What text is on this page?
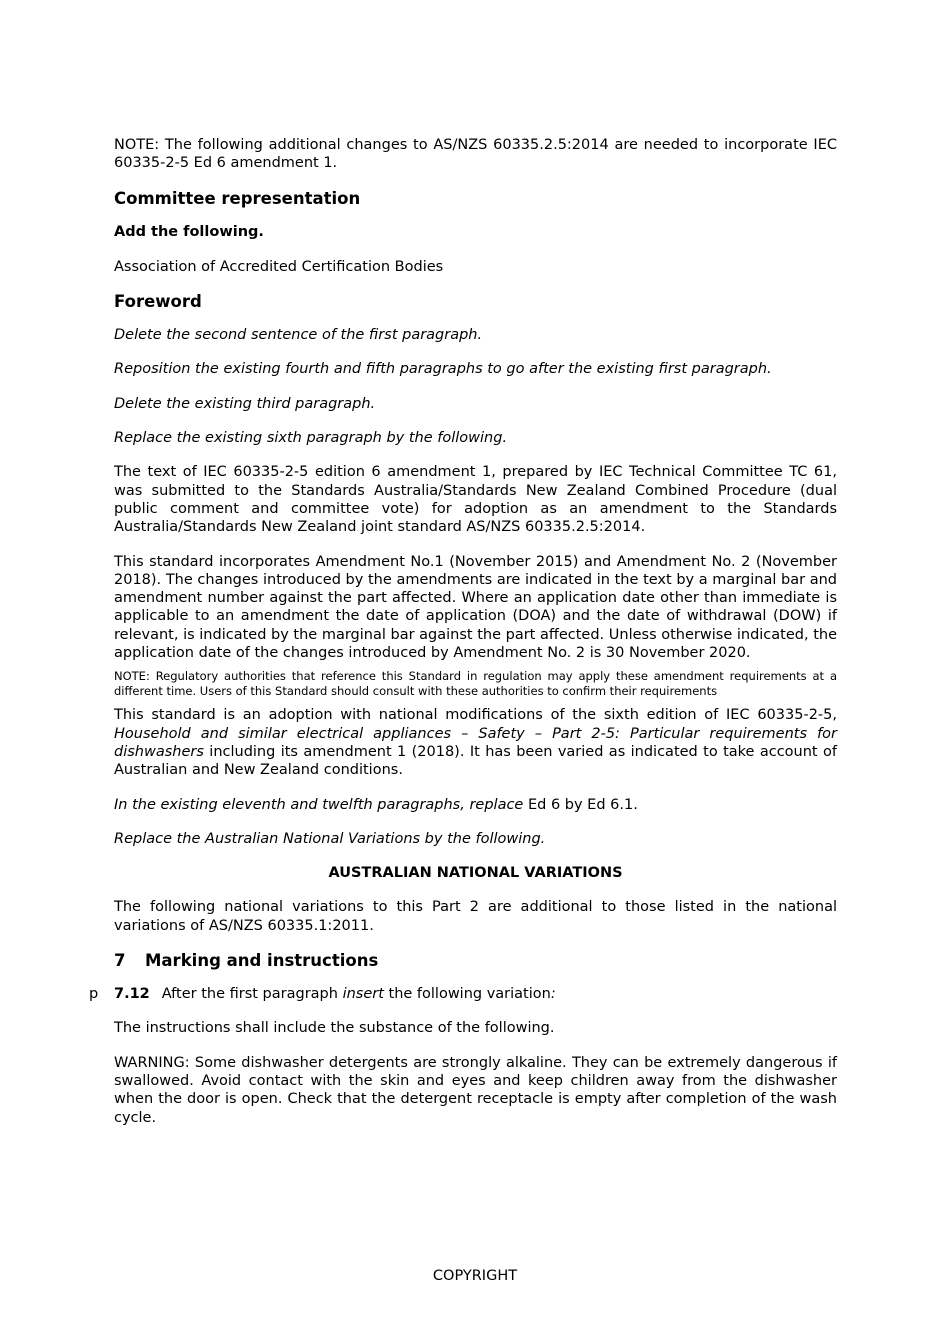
NOTE: The following additional changes to AS/NZS 60335.2.5:2014 are needed to incorporate IEC 60335-2-5 Ed 6 amendment 1.

Committee representation

Add the following.

Association of Accredited Certification Bodies

Foreword

Delete the second sentence of the first paragraph.

Reposition the existing fourth and fifth paragraphs to go after the existing first paragraph.

Delete the existing third paragraph.

Replace the existing sixth paragraph by the following.

The text of IEC 60335-2-5 edition 6 amendment 1, prepared by IEC Technical Committee TC 61, was submitted to the Standards Australia/Standards New Zealand Combined Procedure (dual public comment and committee vote) for adoption as an amendment to the Standards Australia/Standards New Zealand joint standard AS/NZS 60335.2.5:2014.

This standard incorporates Amendment No.1 (November 2015) and Amendment No. 2 (November 2018). The changes introduced by the amendments are indicated in the text by a marginal bar and amendment number against the part affected. Where an application date other than immediate is applicable to an amendment the date of application (DOA) and the date of withdrawal (DOW) if relevant, is indicated by the marginal bar against the part affected. Unless otherwise indicated, the application date of the changes introduced by Amendment No. 2 is 30 November 2020.

NOTE: Regulatory authorities that reference this Standard in regulation may apply these amendment requirements at a different time. Users of this Standard should consult with these authorities to confirm their requirements

This standard is an adoption with national modifications of the sixth edition of IEC 60335-2-5, Household and similar electrical appliances – Safety – Part 2-5: Particular requirements for dishwashers including its amendment 1 (2018). It has been varied as indicated to take account of Australian and New Zealand conditions.

In the existing eleventh and twelfth paragraphs, replace Ed 6 by Ed 6.1.

Replace the Australian National Variations by the following.

AUSTRALIAN NATIONAL VARIATIONS

The following national variations to this Part 2 are additional to those listed in the national variations of AS/NZS 60335.1:2011.

7 Marking and instructions

p 7.12 After the first paragraph insert the following variation:

The instructions shall include the substance of the following.

WARNING: Some dishwasher detergents are strongly alkaline. They can be extremely dangerous if swallowed. Avoid contact with the skin and eyes and keep children away from the dishwasher when the door is open. Check that the detergent receptacle is empty after completion of the wash cycle.

COPYRIGHT
